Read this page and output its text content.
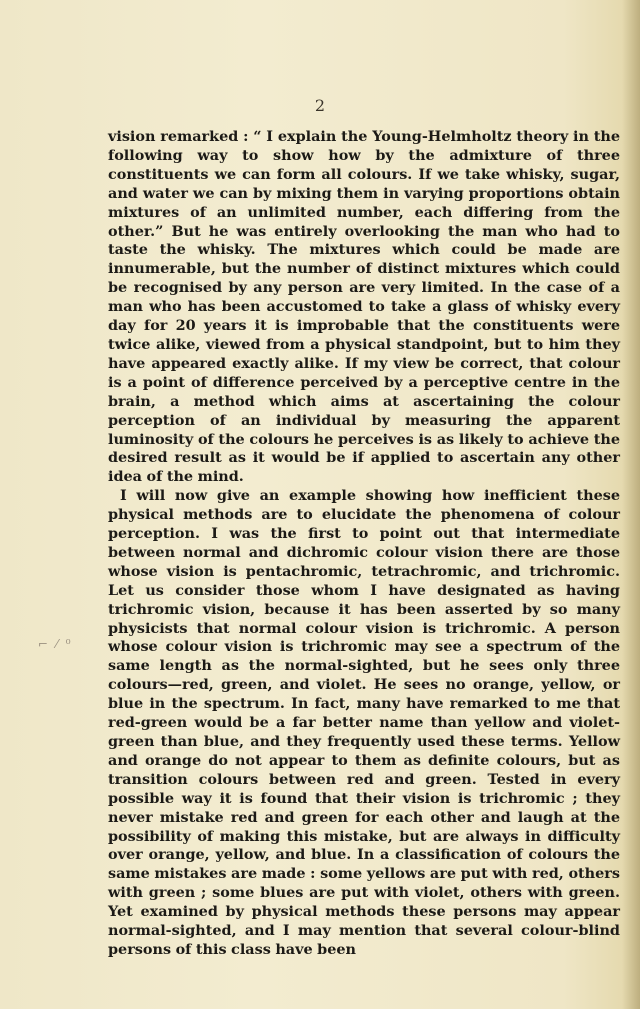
2
⌐ ⁄ ⁰

vision remarked : “ I explain the Young-Helmholtz theory in the following way to show how by the admixture of three constituents we can form all colours. If we take whisky, sugar, and water we can by mixing them in varying proportions obtain mixtures of an unlimited number, each differing from the other.” But he was entirely overlooking the man who had to taste the whisky. The mixtures which could be made are innumerable, but the number of distinct mixtures which could be recognised by any person are very limited. In the case of a man who has been accustomed to take a glass of whisky every day for 20 years it is improbable that the constituents were twice alike, viewed from a physical standpoint, but to him they have appeared exactly alike. If my view be correct, that colour is a point of difference perceived by a perceptive centre in the brain, a method which aims at ascertaining the colour perception of an individual by measuring the apparent luminosity of the colours he perceives is as likely to achieve the desired result as it would be if applied to ascertain any other idea of the mind.

I will now give an example showing how inefficient these physical methods are to elucidate the phenomena of colour perception. I was the first to point out that intermediate between normal and dichromic colour vision there are those whose vision is pentachromic, tetrachromic, and trichromic. Let us consider those whom I have designated as having trichromic vision, because it has been asserted by so many physicists that normal colour vision is trichromic. A person whose colour vision is trichromic may see a spectrum of the same length as the normal-sighted, but he sees only three colours—red, green, and violet. He sees no orange, yellow, or blue in the spectrum. In fact, many have remarked to me that red-green would be a far better name than yellow and violet-green than blue, and they frequently used these terms. Yellow and orange do not appear to them as definite colours, but as transition colours between red and green. Tested in every possible way it is found that their vision is trichromic ; they never mistake red and green for each other and laugh at the possibility of making this mistake, but are always in difficulty over orange, yellow, and blue. In a classification of colours the same mistakes are made : some yellows are put with red, others with green ; some blues are put with violet, others with green. Yet examined by physical methods these persons may appear normal-sighted, and I may mention that several colour-blind persons of this class have been
